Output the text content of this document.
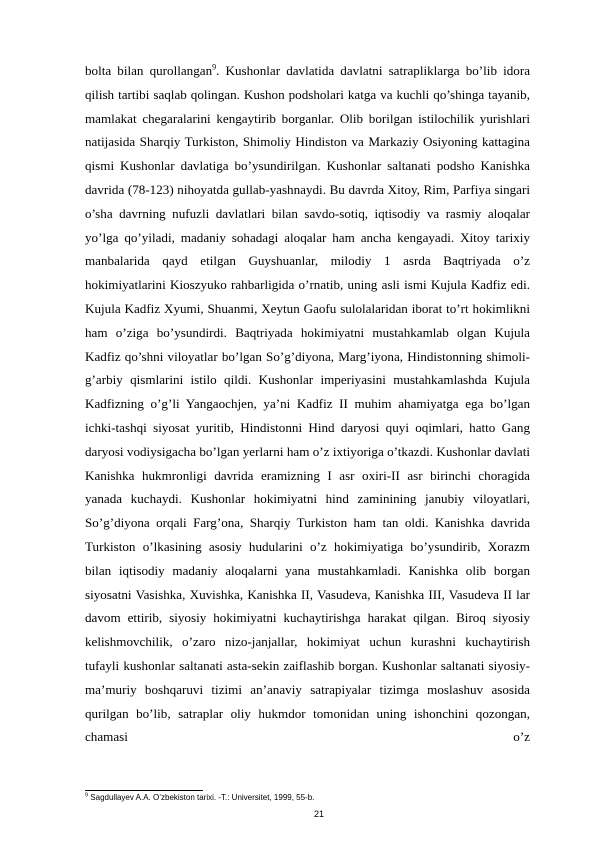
bolta bilan qurollangan$^9$. Kushonlar davlatida davlatni satrapliklarga bo’lib idora qilish tartibi saqlab qolingan. Kushon podsholari katga va kuchli qo’shinga tayanib, mamlakat chegaralarini kengaytirib borganlar. Olib borilgan istilochilik yurishlari natijasida Sharqiy Turkiston, Shimoliy Hindiston va Markaziy Osiyoning kattagina qismi Kushonlar davlatiga bo’ysundirilgan. Kushonlar saltanati podsho Kanishka davrida (78-123) nihoyatda gullab-yashnaydi. Bu davrda Xitoy, Rim, Parfiya singari o’sha davrning nufuzli davlatlari bilan savdo-sotiq, iqtisodiy va rasmiy aloqalar yo’lga qo’yiladi, madaniy sohadagi aloqalar ham ancha kengayadi. Xitoy tarixiy manbalarida qayd etilgan Guyshuanlar, milodiy 1 asrda Baqtriyada o’z hokimiyatlarini Kioszyuko rahbarligida o’rnatib, uning asli ismi Kujula Kadfiz edi. Kujula Kadfiz Xyumi, Shuanmi, Xeytun Gaofu sulolalaridan iborat to’rt hokimlikni ham o’ziga bo’ysundirdi. Baqtriyada hokimiyatni mustahkamlab olgan Kujula Kadfiz qo’shni viloyatlar bo’lgan So’g’diyona, Marg’iyona, Hindistonning shimoli-g’arbiy qismlarini istilo qildi. Kushonlar imperiyasini mustahkamlashda Kujula Kadfizning o’g’li Yangaochjen, ya’ni Kadfiz II muhim ahamiyatga ega bo’lgan ichki-tashqi siyosat yuritib, Hindistonni Hind daryosi quyi oqimlari, hatto Gang daryosi vodiysigacha bo’lgan yerlarni ham o’z ixtiyoriga o’tkazdi. Kushonlar davlati Kanishka hukmronligi davrida eramizning I asr oxiri-II asr birinchi choragida yanada kuchaydi. Kushonlar hokimiyatni hind zaminining janubiy viloyatlari, So’g’diyona orqali Farg’ona, Sharqiy Turkiston ham tan oldi. Kanishka davrida Turkiston o’lkasining asosiy hudularini o’z hokimiyatiga bo’ysundirib, Xorazm bilan iqtisodiy madaniy aloqalarni yana mustahkamladi. Kanishka olib borgan siyosatni Vasishka, Xuvishka, Kanishka II, Vasudeva, Kanishka III, Vasudeva II lar davom ettirib, siyosiy hokimiyatni kuchaytirishga harakat qilgan. Biroq siyosiy kelishmovchilik, o’zaro nizo-janjallar, hokimiyat uchun kurashni kuchaytirish tufayli kushonlar saltanati asta-sekin zaiflashib borgan. Kushonlar saltanati siyosiy-ma’muriy boshqaruvi tizimi an’anaviy satrapiyalar tizimga moslashuv asosida qurilgan bo’lib, satraplar oliy hukmdor tomonidan uning ishonchini qozongan, chamasi o’z

$^9$ Sagdullayev A.A. O’zbekiston tarixi. -T.: Universitet, 1999, 55-b.
21
